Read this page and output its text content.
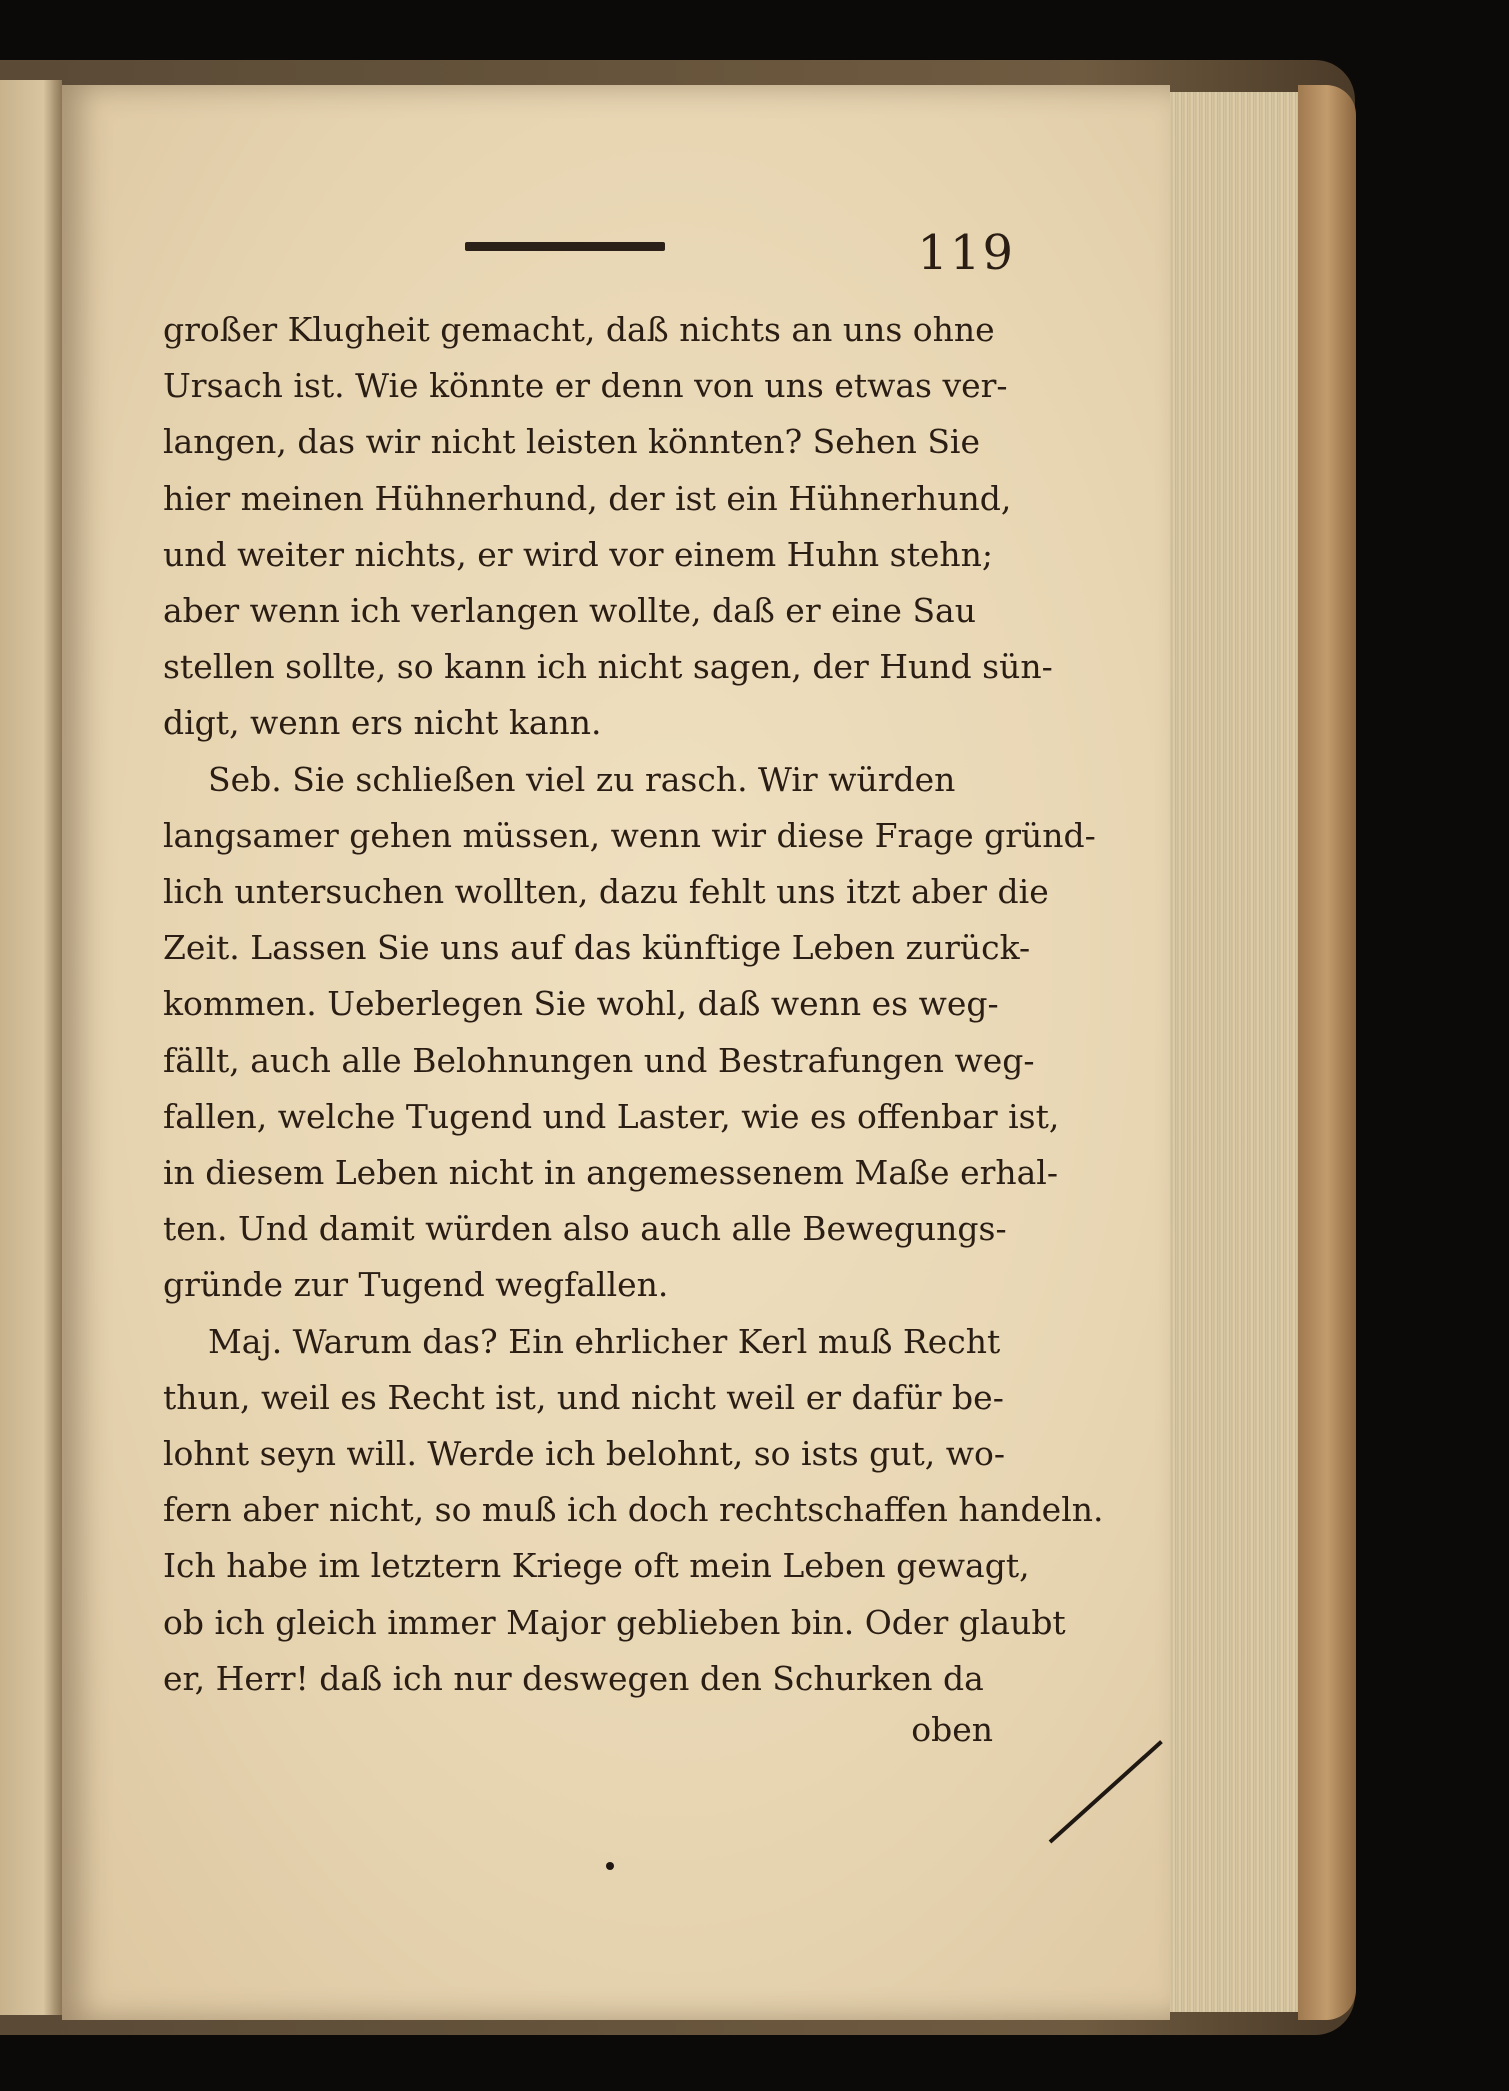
119
großer Klugheit gemacht, daß nichts an uns ohne
Ursach ist. Wie könnte er denn von uns etwas ver-
langen, das wir nicht leisten könnten? Sehen Sie
hier meinen Hühnerhund, der ist ein Hühnerhund,
und weiter nichts, er wird vor einem Huhn stehn;
aber wenn ich verlangen wollte, daß er eine Sau
stellen sollte, so kann ich nicht sagen, der Hund sün-
digt, wenn ers nicht kann.
Seb. Sie schließen viel zu rasch. Wir würden
langsamer gehen müssen, wenn wir diese Frage gründ-
lich untersuchen wollten, dazu fehlt uns itzt aber die
Zeit. Lassen Sie uns auf das künftige Leben zurück-
kommen. Ueberlegen Sie wohl, daß wenn es weg-
fällt, auch alle Belohnungen und Bestrafungen weg-
fallen, welche Tugend und Laster, wie es offenbar ist,
in diesem Leben nicht in angemessenem Maße erhal-
ten. Und damit würden also auch alle Bewegungs-
gründe zur Tugend wegfallen.
Maj. Warum das? Ein ehrlicher Kerl muß Recht
thun, weil es Recht ist, und nicht weil er dafür be-
lohnt seyn will. Werde ich belohnt, so ists gut, wo-
fern aber nicht, so muß ich doch rechtschaffen handeln.
Ich habe im letztern Kriege oft mein Leben gewagt,
ob ich gleich immer Major geblieben bin. Oder glaubt
er, Herr! daß ich nur deswegen den Schurken da
oben
